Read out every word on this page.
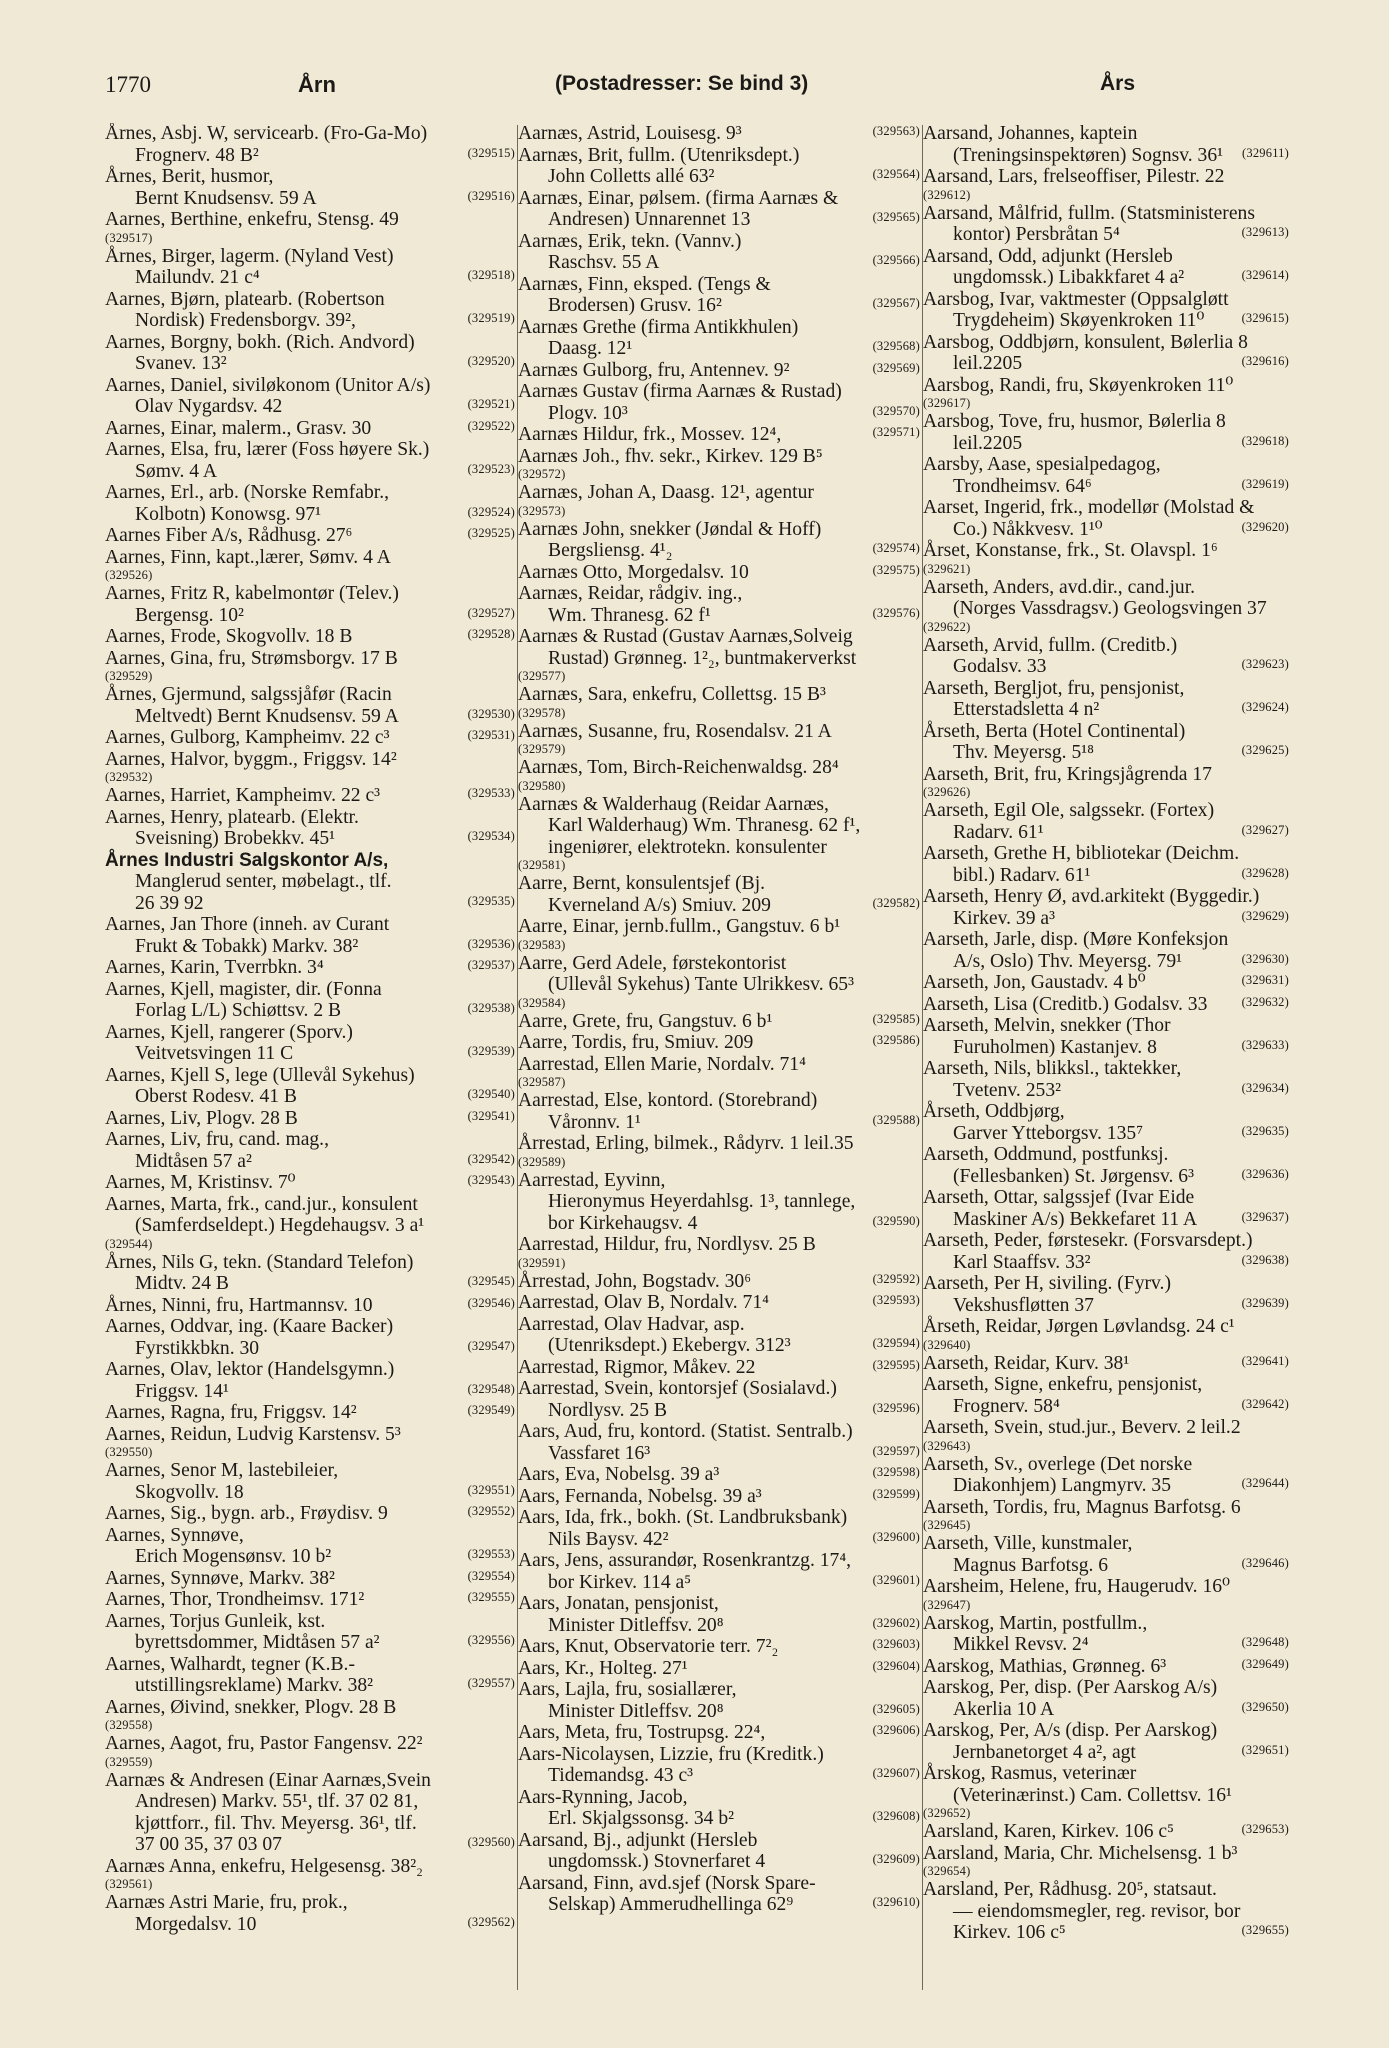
1770	Årn	(Postadresser: Se bind 3)	Års
Årnes, Asbj. W, servicearb. (Fro-Ga-Mo)
Frognerv. 48 B²	(329515)
Årnes, Berit, husmor,
Bernt Knudsensv. 59 A	(329516)
Aarnes, Berthine, enkefru, Stensg. 49
(329517)
Årnes, Birger, lagerm. (Nyland Vest)
Mailundv. 21 c⁴	(329518)
Aarnes, Bjørn, platearb. (Robertson
Nordisk) Fredensborgv. 39²,	(329519)
Aarnes, Borgny, bokh. (Rich. Andvord)
Svanev. 13²	(329520)
Aarnes, Daniel, siviløkonom (Unitor A/s)
Olav Nygardsv. 42	(329521)
Aarnes, Einar, malerm., Grasv. 30	(329522)
Aarnes, Elsa, fru, lærer (Foss høyere Sk.)
Sømv. 4 A	(329523)
Aarnes, Erl., arb. (Norske Remfabr.,
Kolbotn) Konowsg. 97¹	(329524)
Aarnes Fiber A/s, Rådhusg. 27⁶	(329525)
Aarnes, Finn, kapt.,lærer, Sømv. 4 A
(329526)
Aarnes, Fritz R, kabelmontør (Telev.)
Bergensg. 10²	(329527)
Aarnes, Frode, Skogvollv. 18 B	(329528)
Aarnes, Gina, fru, Strømsborgv. 17 B
(329529)
Årnes, Gjermund, salgssjåfør (Racin
Meltvedt) Bernt Knudsensv. 59 A	(329530)
Aarnes, Gulborg, Kampheimv. 22 c³	(329531)
Aarnes, Halvor, byggm., Friggsv. 14²
(329532)
Aarnes, Harriet, Kampheimv. 22 c³	(329533)
Aarnes, Henry, platearb. (Elektr.
Sveisning) Brobekkv. 45¹	(329534)
Årnes Industri Salgskontor A/s,
Manglerud senter, møbelagt., tlf.
26 39 92	(329535)
Aarnes, Jan Thore (inneh. av Curant
Frukt & Tobakk) Markv. 38²	(329536)
Aarnes, Karin, Tverrbkn. 3⁴	(329537)
Aarnes, Kjell, magister, dir. (Fonna
Forlag L/L) Schiøttsv. 2 B	(329538)
Aarnes, Kjell, rangerer (Sporv.)
Veitvetsvingen 11 C	(329539)
Aarnes, Kjell S, lege (Ullevål Sykehus)
Oberst Rodesv. 41 B	(329540)
Aarnes, Liv, Plogv. 28 B	(329541)
Aarnes, Liv, fru, cand. mag.,
Midtåsen 57 a²	(329542)
Aarnes, M, Kristinsv. 7⁰	(329543)
Aarnes, Marta, frk., cand.jur., konsulent
(Samferdseldept.) Hegdehaugsv. 3 a¹
(329544)
Årnes, Nils G, tekn. (Standard Telefon)
Midtv. 24 B	(329545)
Årnes, Ninni, fru, Hartmannsv. 10	(329546)
Aarnes, Oddvar, ing. (Kaare Backer)
Fyrstikkbkn. 30	(329547)
Aarnes, Olav, lektor (Handelsgymn.)
Friggsv. 14¹	(329548)
Aarnes, Ragna, fru, Friggsv. 14²	(329549)
Aarnes, Reidun, Ludvig Karstensv. 5³
(329550)
Aarnes, Senor M, lastebileier,
Skogvollv. 18	(329551)
Aarnes, Sig., bygn. arb., Frøydisv. 9	(329552)
Aarnes, Synnøve,
Erich Mogensønsv. 10 b²	(329553)
Aarnes, Synnøve, Markv. 38²	(329554)
Aarnes, Thor, Trondheimsv. 171²	(329555)
Aarnes, Torjus Gunleik, kst.
byrettsdommer, Midtåsen 57 a²	(329556)
Aarnes, Walhardt, tegner (K.B.-
utstillingsreklame) Markv. 38²	(329557)
Aarnes, Øivind, snekker, Plogv. 28 B
(329558)
Aarnes, Aagot, fru, Pastor Fangensv. 22²
(329559)
Aarnæs & Andresen (Einar Aarnæs,Svein
Andresen) Markv. 55¹, tlf. 37 02 81,
kjøttforr., fil. Thv. Meyersg. 36¹, tlf.
37 00 35, 37 03 07	(329560)
Aarnæs Anna, enkefru, Helgesensg. 38²₂
(329561)
Aarnæs Astri Marie, fru, prok.,
Morgedalsv. 10	(329562)
Aarnæs, Astrid, Louisesg. 9³	(329563)
Aarnæs, Brit, fullm. (Utenriksdept.)
John Colletts allé 63²	(329564)
Aarnæs, Einar, pølsem. (firma Aarnæs &
Andresen) Unnarennet 13	(329565)
Aarnæs, Erik, tekn. (Vannv.)
Raschsv. 55 A	(329566)
Aarnæs, Finn, eksped. (Tengs &
Brodersen) Grusv. 16²	(329567)
Aarnæs Grethe (firma Antikkhulen)
Daasg. 12¹	(329568)
Aarnæs Gulborg, fru, Antennev. 9²	(329569)
Aarnæs Gustav (firma Aarnæs & Rustad)
Plogv. 10³	(329570)
Aarnæs Hildur, frk., Mossev. 12⁴,	(329571)
Aarnæs Joh., fhv. sekr., Kirkev. 129 B⁵
(329572)
Aarnæs, Johan A, Daasg. 12¹, agentur
(329573)
Aarnæs John, snekker (Jøndal & Hoff)
Bergsliensg. 4¹₂	(329574)
Aarnæs Otto, Morgedalsv. 10	(329575)
Aarnæs, Reidar, rådgiv. ing.,
Wm. Thranesg. 62 f¹	(329576)
Aarnæs & Rustad (Gustav Aarnæs,Solveig
Rustad) Grønneg. 1²₂, buntmakerverkst
(329577)
Aarnæs, Sara, enkefru, Collettsg. 15 B³
(329578)
Aarnæs, Susanne, fru, Rosendalsv. 21 A
(329579)
Aarnæs, Tom, Birch-Reichenwaldsg. 28⁴
(329580)
Aarnæs & Walderhaug (Reidar Aarnæs,
Karl Walderhaug) Wm. Thranesg. 62 f¹,
ingeniører, elektrotekn. konsulenter
(329581)
Aarre, Bernt, konsulentsjef (Bj.
Kverneland A/s) Smiuv. 209	(329582)
Aarre, Einar, jernb.fullm., Gangstuv. 6 b¹
(329583)
Aarre, Gerd Adele, førstekontorist
(Ullevål Sykehus) Tante Ulrikkesv. 65³
(329584)
Aarre, Grete, fru, Gangstuv. 6 b¹	(329585)
Aarre, Tordis, fru, Smiuv. 209	(329586)
Aarrestad, Ellen Marie, Nordalv. 71⁴
(329587)
Aarrestad, Else, kontord. (Storebrand)
Våronnv. 1¹	(329588)
Årrestad, Erling, bilmek., Rådyrv. 1 leil.35
(329589)
Aarrestad, Eyvinn,
Hieronymus Heyerdahlsg. 1³, tannlege,
bor Kirkehaugsv. 4	(329590)
Aarrestad, Hildur, fru, Nordlysv. 25 B
(329591)
Årrestad, John, Bogstadv. 30⁶	(329592)
Aarrestad, Olav B, Nordalv. 71⁴	(329593)
Aarrestad, Olav Hadvar, asp.
(Utenriksdept.) Ekebergv. 312³	(329594)
Aarrestad, Rigmor, Måkev. 22	(329595)
Aarrestad, Svein, kontorsjef (Sosialavd.)
Nordlysv. 25 B	(329596)
Aars, Aud, fru, kontord. (Statist. Sentralb.)
Vassfaret 16³	(329597)
Aars, Eva, Nobelsg. 39 a³	(329598)
Aars, Fernanda, Nobelsg. 39 a³	(329599)
Aars, Ida, frk., bokh. (St. Landbruksbank)
Nils Baysv. 42²	(329600)
Aars, Jens, assurandør, Rosenkrantzg. 17⁴,
bor Kirkev. 114 a⁵	(329601)
Aars, Jonatan, pensjonist,
Minister Ditleffsv. 20⁸	(329602)
Aars, Knut, Observatorie terr. 7²₂	(329603)
Aars, Kr., Holteg. 27¹	(329604)
Aars, Lajla, fru, sosiallærer,
Minister Ditleffsv. 20⁸	(329605)
Aars, Meta, fru, Tostrupsg. 22⁴,	(329606)
Aars-Nicolaysen, Lizzie, fru (Kreditk.)
Tidemandsg. 43 c³	(329607)
Aars-Rynning, Jacob,
Erl. Skjalgssonsg. 34 b²	(329608)
Aarsand, Bj., adjunkt (Hersleb
ungdomssk.) Stovnerfaret 4	(329609)
Aarsand, Finn, avd.sjef (Norsk Spare-
Selskap) Ammerudhellinga 62⁹	(329610)
Aarsand, Johannes, kaptein
(Treningsinspektøren) Sognsv. 36¹	(329611)
Aarsand, Lars, frelseoffiser, Pilestr. 22
(329612)
Aarsand, Målfrid, fullm. (Statsministerens
kontor) Persbråtan 5⁴	(329613)
Aarsand, Odd, adjunkt (Hersleb
ungdomssk.) Libakkfaret 4 a²	(329614)
Aarsbog, Ivar, vaktmester (Oppsalgløtt
Trygdeheim) Skøyenkroken 11⁰	(329615)
Aarsbog, Oddbjørn, konsulent, Bølerlia 8
leil.2205	(329616)
Aarsbog, Randi, fru, Skøyenkroken 11⁰
(329617)
Aarsbog, Tove, fru, husmor, Bølerlia 8
leil.2205	(329618)
Aarsby, Aase, spesialpedagog,
Trondheimsv. 64⁶	(329619)
Aarset, Ingerid, frk., modellør (Molstad &
Co.) Nåkkvesv. 1¹⁰	(329620)
Årset, Konstanse, frk., St. Olavspl. 1⁶
(329621)
Aarseth, Anders, avd.dir., cand.jur.
(Norges Vassdragsv.) Geologsvingen 37
(329622)
Aarseth, Arvid, fullm. (Creditb.)
Godalsv. 33	(329623)
Aarseth, Bergljot, fru, pensjonist,
Etterstadsletta 4 n²	(329624)
Årseth, Berta (Hotel Continental)
Thv. Meyersg. 5¹⁸	(329625)
Aarseth, Brit, fru, Kringsjågrenda 17
(329626)
Aarseth, Egil Ole, salgssekr. (Fortex)
Radarv. 61¹	(329627)
Aarseth, Grethe H, bibliotekar (Deichm.
bibl.) Radarv. 61¹	(329628)
Aarseth, Henry Ø, avd.arkitekt (Byggedir.)
Kirkev. 39 a³	(329629)
Aarseth, Jarle, disp. (Møre Konfeksjon
A/s, Oslo) Thv. Meyersg. 79¹	(329630)
Aarseth, Jon, Gaustadv. 4 b⁰	(329631)
Aarseth, Lisa (Creditb.) Godalsv. 33	(329632)
Aarseth, Melvin, snekker (Thor
Furuholmen) Kastanjev. 8	(329633)
Aarseth, Nils, blikksl., taktekker,
Tvetenv. 253²	(329634)
Årseth, Oddbjørg,
Garver Ytteborgsv. 135⁷	(329635)
Aarseth, Oddmund, postfunksj.
(Fellesbanken) St. Jørgensv. 6³	(329636)
Aarseth, Ottar, salgssjef (Ivar Eide
Maskiner A/s) Bekkefaret 11 A	(329637)
Aarseth, Peder, førstesekr. (Forsvarsdept.)
Karl Staaffsv. 33²	(329638)
Aarseth, Per H, siviling. (Fyrv.)
Vekshusfløtten 37	(329639)
Årseth, Reidar, Jørgen Løvlandsg. 24 c¹
(329640)
Aarseth, Reidar, Kurv. 38¹	(329641)
Aarseth, Signe, enkefru, pensjonist,
Frognerv. 58⁴	(329642)
Aarseth, Svein, stud.jur., Beverv. 2 leil.2
(329643)
Aarseth, Sv., overlege (Det norske
Diakonhjem) Langmyrv. 35	(329644)
Aarseth, Tordis, fru, Magnus Barfotsg. 6
(329645)
Aarseth, Ville, kunstmaler,
Magnus Barfotsg. 6	(329646)
Aarsheim, Helene, fru, Haugerudv. 16⁰
(329647)
Aarskog, Martin, postfullm.,
Mikkel Revsv. 2⁴	(329648)
Aarskog, Mathias, Grønneg. 6³	(329649)
Aarskog, Per, disp. (Per Aarskog A/s)
Akerlia 10 A	(329650)
Aarskog, Per, A/s (disp. Per Aarskog)
Jernbanetorget 4 a², agt	(329651)
Årskog, Rasmus, veterinær
(Veterinærinst.) Cam. Collettsv. 16¹
(329652)
Aarsland, Karen, Kirkev. 106 c⁵	(329653)
Aarsland, Maria, Chr. Michelsensg. 1 b³
(329654)
Aarsland, Per, Rådhusg. 20⁵, statsaut.
— eiendomsmegler, reg. revisor, bor
Kirkev. 106 c⁵	(329655)
